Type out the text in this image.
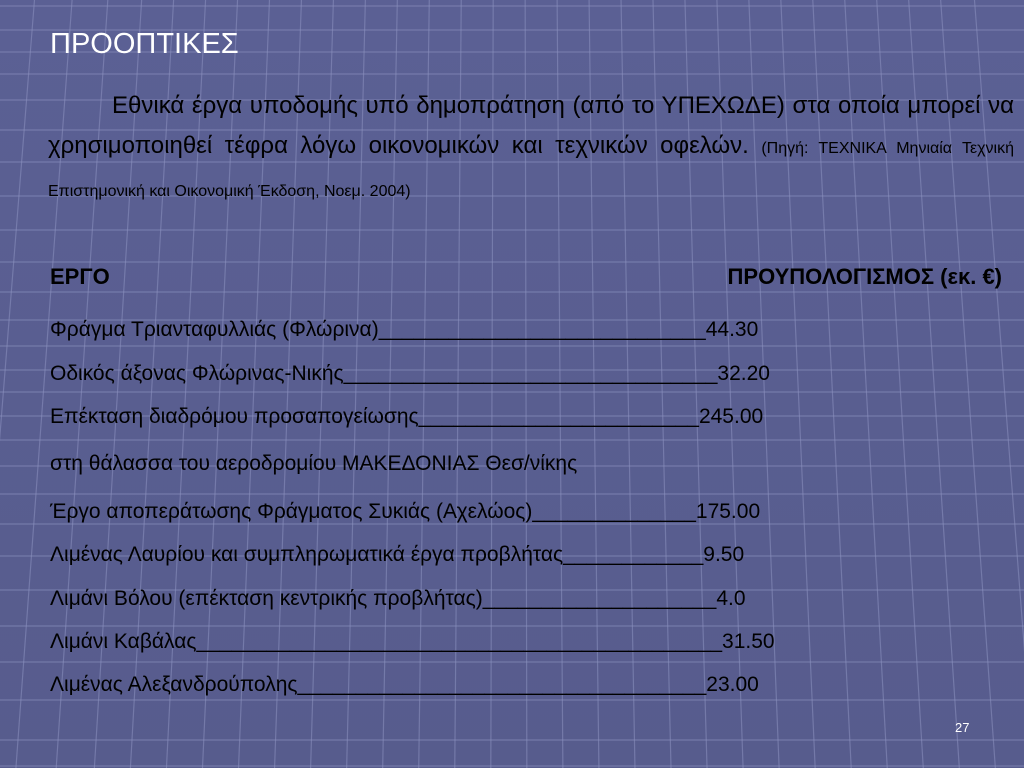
ΠΡΟΟΠΤΙΚΕΣ
Εθνικά έργα υποδομής υπό δημοπράτηση (από το ΥΠΕΧΩΔΕ) στα οποία μπορεί να χρησιμοποιηθεί τέφρα λόγω οικονομικών και τεχνικών οφελών. (Πηγή: ΤΕΧΝΙΚΑ Μηνιαία Τεχνική Επιστημονική και Οικονομική Έκδοση, Νοεμ. 2004)
ΕΡΓΟ	ΠΡΟΥΠΟΛΟΓΙΣΜΟΣ (εκ. €)
Φράγμα Τριανταφυλλιάς (Φλώρινα)____________________________44.30
Οδικός άξονας Φλώρινας-Νικής________________________________32.20
Επέκταση διαδρόμου προσαπογείωσης________________________245.00
στη θάλασσα του αεροδρομίου ΜΑΚΕΔΟΝΙΑΣ Θεσ/νίκης
Έργο αποπεράτωσης Φράγματος Συκιάς (Αχελώος)______________175.00
Λιμένας Λαυρίου και συμπληρωματικά έργα προβλήτας____________9.50
Λιμάνι Βόλου (επέκταση κεντρικής προβλήτας)____________________4.0
Λιμάνι Καβάλας_____________________________________________31.50
Λιμένας Αλεξανδρούπολης___________________________________23.00
27
